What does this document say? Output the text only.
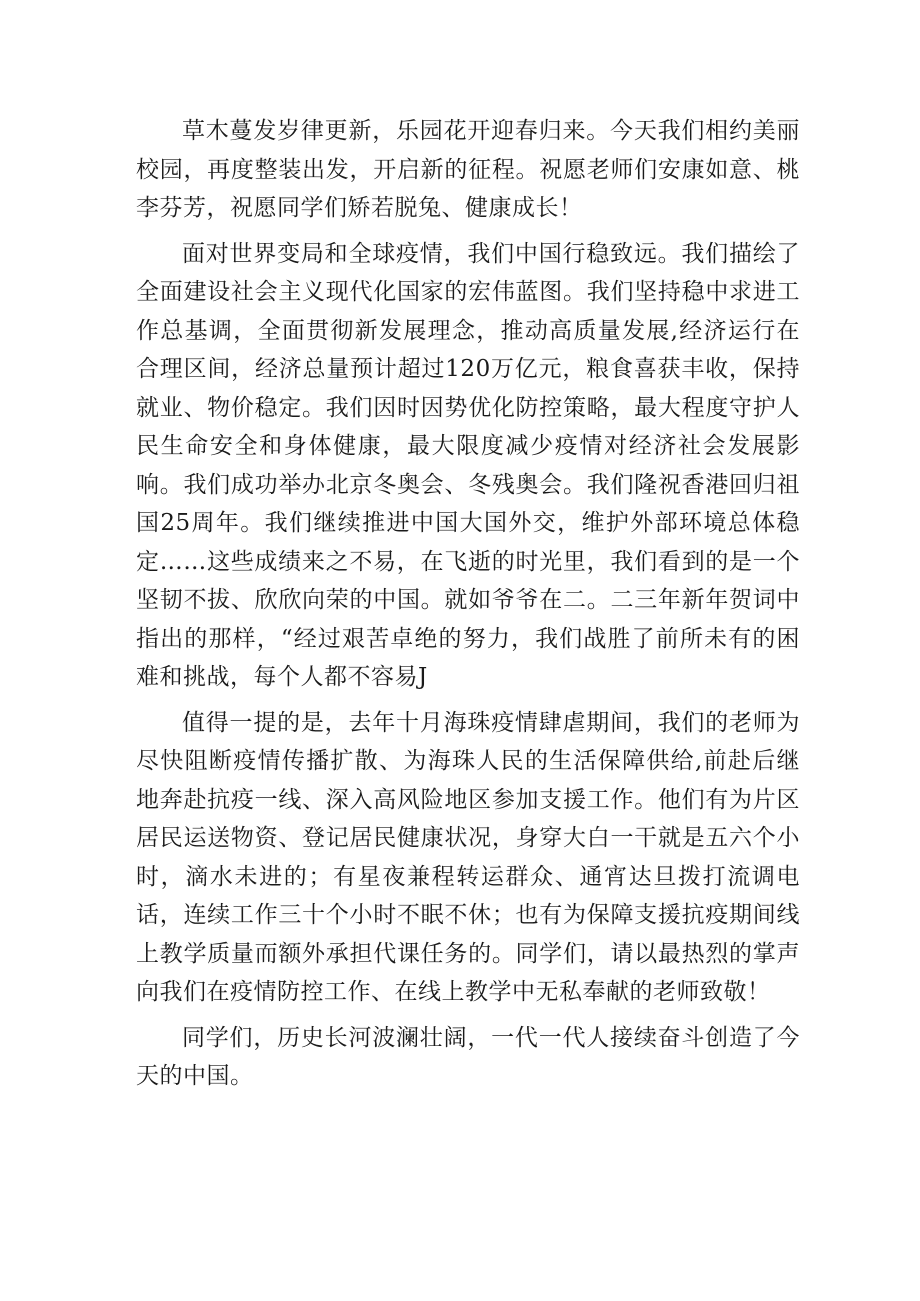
草木蔓发岁律更新，乐园花开迎春归来。今天我们相约美丽校园，再度整装出发，开启新的征程。祝愿老师们安康如意、桃李芬芳，祝愿同学们矫若脱兔、健康成长！

面对世界变局和全球疫情，我们中国行稳致远。我们描绘了全面建设社会主义现代化国家的宏伟蓝图。我们坚持稳中求进工作总基调，全面贯彻新发展理念，推动高质量发展,经济运行在合理区间，经济总量预计超过120万亿元，粮食喜获丰收，保持就业、物价稳定。我们因时因势优化防控策略，最大程度守护人民生命安全和身体健康，最大限度减少疫情对经济社会发展影响。我们成功举办北京冬奥会、冬残奥会。我们隆祝香港回归祖国25周年。我们继续推进中国大国外交，维护外部环境总体稳定……这些成绩来之不易，在飞逝的时光里，我们看到的是一个坚韧不拔、欣欣向荣的中国。就如爷爷在二。二三年新年贺词中指出的那样，“经过艰苦卓绝的努力，我们战胜了前所未有的困难和挑战，每个人都不容易J

值得一提的是，去年十月海珠疫情肆虐期间，我们的老师为尽快阻断疫情传播扩散、为海珠人民的生活保障供给,前赴后继地奔赴抗疫一线、深入高风险地区参加支援工作。他们有为片区居民运送物资、登记居民健康状况，身穿大白一干就是五六个小时，滴水未进的；有星夜兼程转运群众、通宵达旦拨打流调电话，连续工作三十个小时不眠不休；也有为保障支援抗疫期间线上教学质量而额外承担代课任务的。同学们，请以最热烈的掌声向我们在疫情防控工作、在线上教学中无私奉献的老师致敬！

同学们，历史长河波澜壮阔，一代一代人接续奋斗创造了今天的中国。
